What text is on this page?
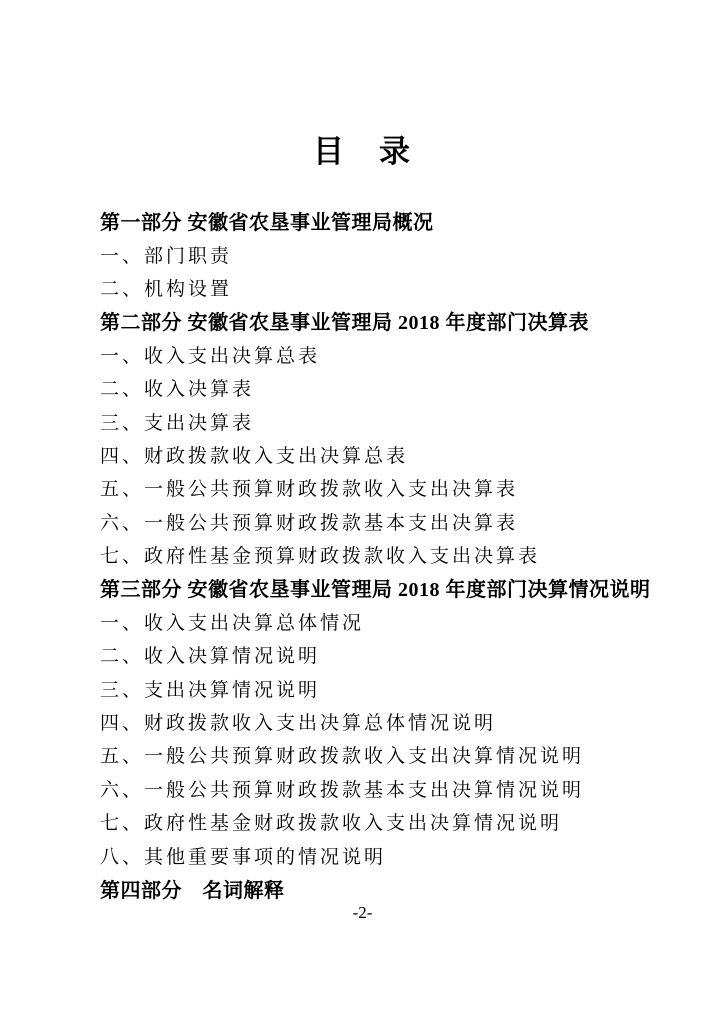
目　录
第一部分 安徽省农垦事业管理局概况
一、部门职责
二、机构设置
第二部分 安徽省农垦事业管理局 2018 年度部门决算表
一、收入支出决算总表
二、收入决算表
三、支出决算表
四、财政拨款收入支出决算总表
五、一般公共预算财政拨款收入支出决算表
六、一般公共预算财政拨款基本支出决算表
七、政府性基金预算财政拨款收入支出决算表
第三部分 安徽省农垦事业管理局 2018 年度部门决算情况说明
一、收入支出决算总体情况
二、收入决算情况说明
三、支出决算情况说明
四、财政拨款收入支出决算总体情况说明
五、一般公共预算财政拨款收入支出决算情况说明
六、一般公共预算财政拨款基本支出决算情况说明
七、政府性基金财政拨款收入支出决算情况说明
八、其他重要事项的情况说明
第四部分　名词解释
-2-
